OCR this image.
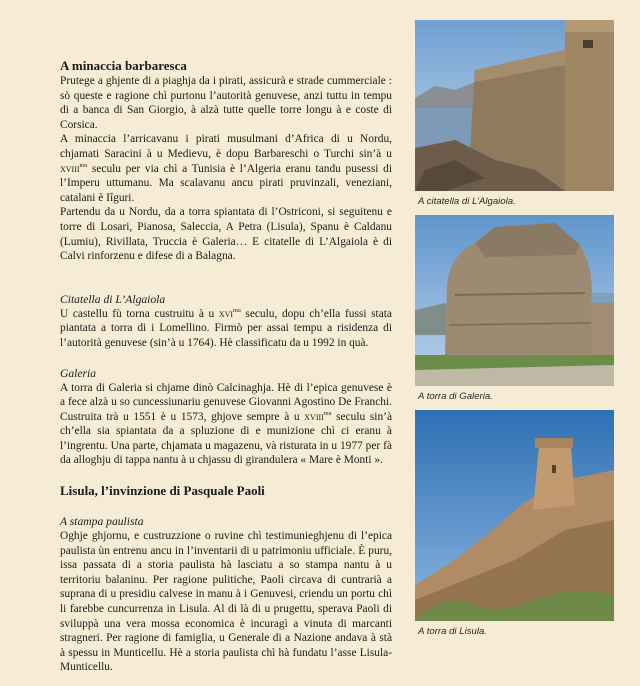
A minaccia barbaresca

Prutege a ghjente di a piaghja da i pirati, assicurà e strade cummerciale : sò queste e ragione chì purtonu l’autorità genuvese, anzi tuttu in tempu di a banca di San Giorgio, à alzà tutte quelle torre longu à e coste di Corsica.

A minaccia l’arricavanu i pirati musulmani d’Africa di u Nordu, chjamati Saracini à u Medievu, è dopu Barbareschi o Turchi sin’à u xviii$^{mu}$ seculu per via chì a Tunisia è l’Algeria eranu tandu pusessi di l’Imperu uttumanu. Ma scalavanu ancu pirati pruvinzali, veneziani, catalani è Iîguri.

Partendu da u Nordu, da a torra spiantata di l’Ostriconi, si seguitenu e torre di Losari, Pianosa, Saleccia, A Petra (Lisula), Spanu è Caldanu (Lumiu), Rivillata, Truccia è Galeria… E citatelle di L’Algaiola è di Calvi rinforzenu e difese di a Balagna.

Citatella di L’Algaiola

U castellu fù torna custruitu à u xvi$^{mu}$ seculu, dopu ch’ella fussi stata piantata a torra di i Lomellino. Firmò per assai tempu a risidenza di l’autorità genuvese (sin’à u 1764). Hè classificatu da u 1992 in quà.

Galeria

A torra di Galeria si chjame dinò Calcinaghja. Hè di l’epica genuvese è a fece alzà u so cuncessiunariu genuvese Giovanni Agostino De Franchi. Custruita trà u 1551 è u 1573, ghjove sempre à u xviii$^{mu}$ seculu sin’à ch’ella sia spiantata da a spluzione di e munizione chì ci eranu à l’ingrentu. Una parte, chjamata u magazenu, và risturata in u 1977 per fà da alloghju di tappa nantu à u chjassu di girandulera « Mare è Monti ».

Lisula, l’invinzione di Pasquale Paoli
A stampa paulista

Oghje ghjornu, e custruzzione o ruvine chì testimunieghjenu di l’epica paulista ùn entrenu ancu in l’inventarii di u patrimoniu ufficiale. È puru, issa passata di a storia paulista hà lasciatu a so stampa nantu à u territoriu balaninu. Per ragione pulitiche, Paoli circava di cuntrarià a suprana di u presidiu calvese in manu à i Genuvesi, criendu un portu chì li farebbe cuncurrenza in Lisula. Al di là di u prugettu, sperava Paoli di sviluppà una vera mossa economica è incuragì a vinuta di marcanti stragneri. Per ragione di famiglia, u Generale di a Nazione andava à stà à spessu in Munticellu. Hè a storia paulista chì hà fundatu l’asse Lisula-Munticellu.

A citatella di L’Algaiola.
A torra di Galeria.
A torra di Lisula.
